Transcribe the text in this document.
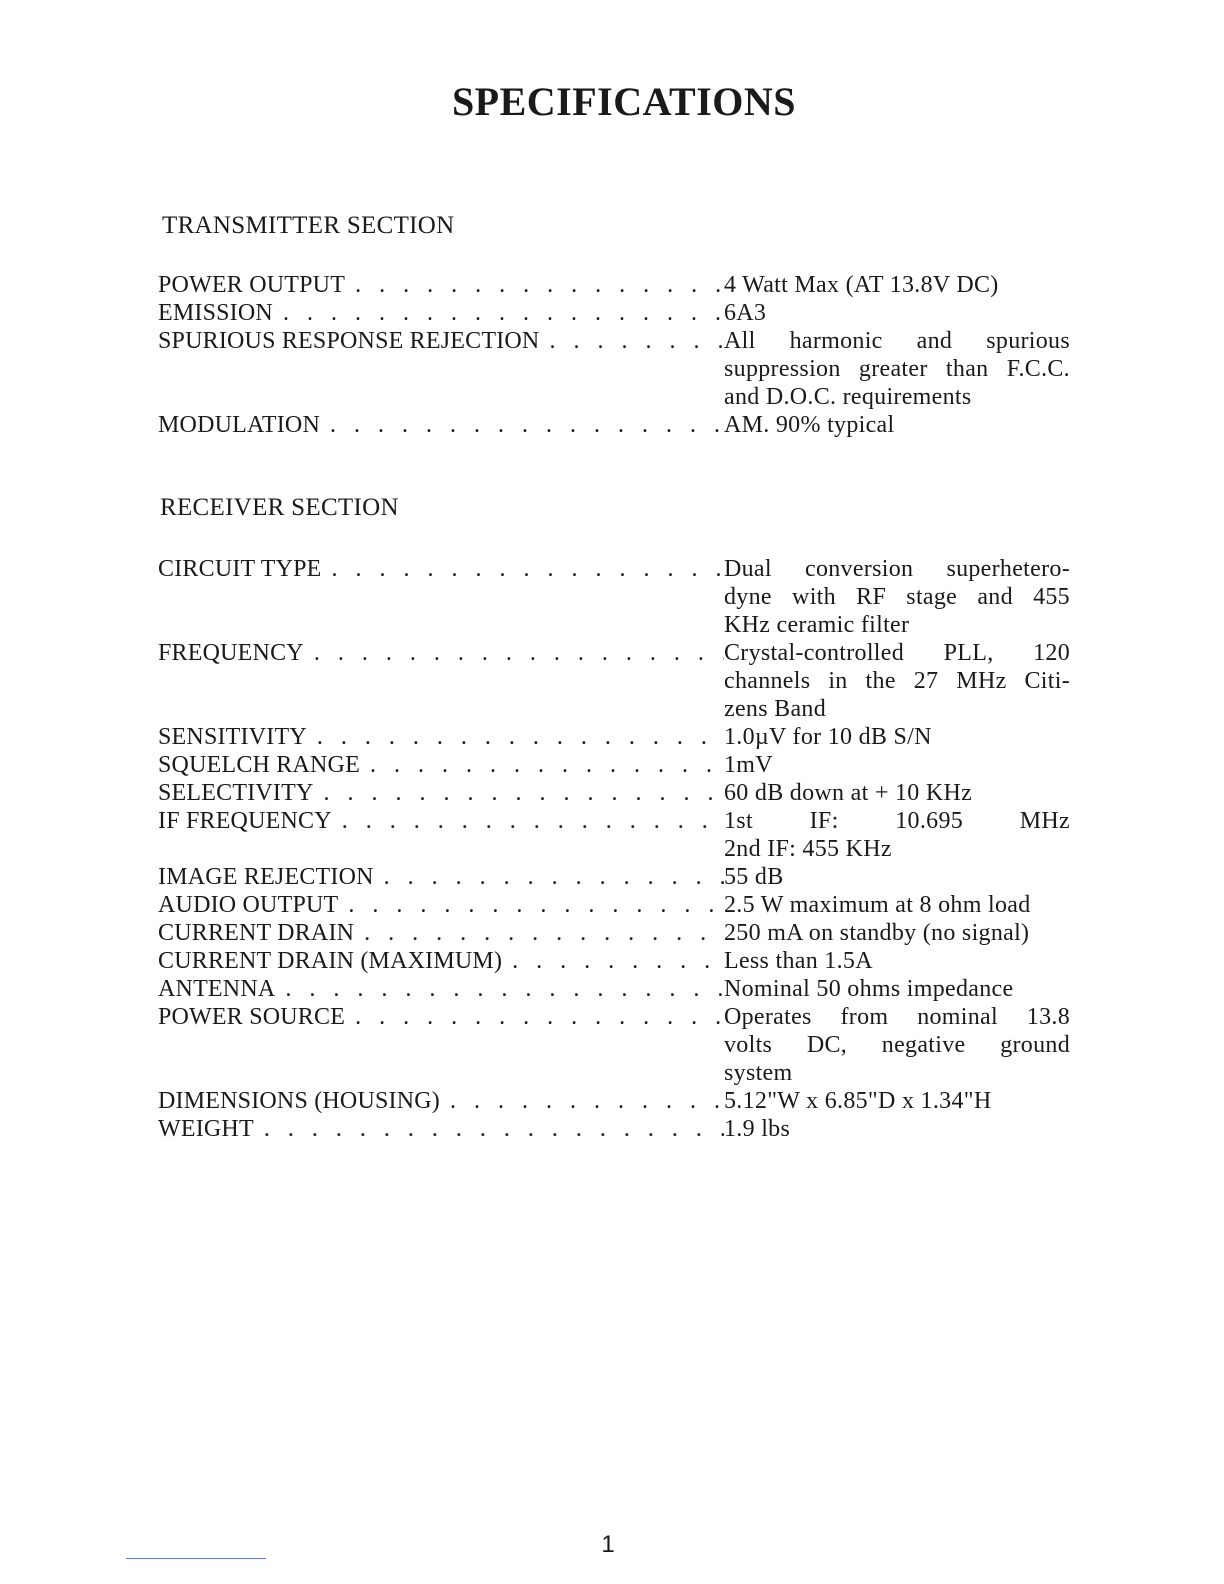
SPECIFICATIONS
TRANSMITTER SECTION
POWER OUTPUT . . .	4 Watt Max (AT 13.8V DC)
EMISSION . . .	6A3
SPURIOUS RESPONSE REJECTION . . .	All harmonic and spurious
suppression greater than F.C.C.
and D.O.C. requirements
MODULATION . . .	AM. 90% typical
RECEIVER SECTION
CIRCUIT TYPE . . .	Dual conversion superhetero-
dyne with RF stage and 455
KHz ceramic filter
FREQUENCY . . .	Crystal-controlled PLL, 120
channels in the 27 MHz Citi-
zens Band
SENSITIVITY . . .	1.0µV for 10 dB S/N
SQUELCH RANGE . . .	1mV
SELECTIVITY . . .	60 dB down at + 10 KHz
IF FREQUENCY . . .	1st IF: 10.695 MHz
2nd IF: 455 KHz
IMAGE REJECTION . . .	55 dB
AUDIO OUTPUT . . .	2.5 W maximum at 8 ohm load
CURRENT DRAIN . . .	250 mA on standby (no signal)
CURRENT DRAIN (MAXIMUM) . . .	Less than 1.5A
ANTENNA . . .	Nominal 50 ohms impedance
POWER SOURCE . . .	Operates from nominal 13.8
volts DC, negative ground
system
DIMENSIONS (HOUSING) . . .	5.12"W x 6.85"D x 1.34"H
WEIGHT . . .	1.9 lbs
1
